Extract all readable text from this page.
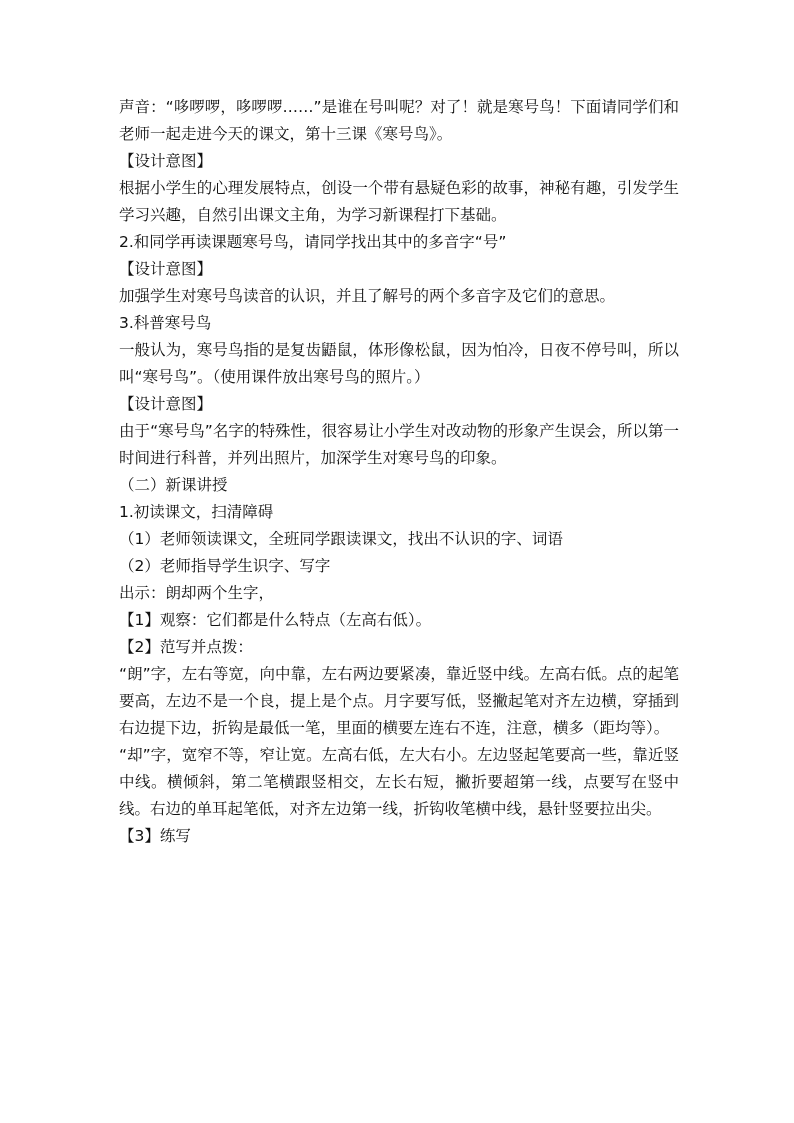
声音：“哆啰啰，哆啰啰……”是谁在号叫呢？对了！就是寒号鸟！下面请同学们和老师一起走进今天的课文，第十三课《寒号鸟》。

【设计意图】

根据小学生的心理发展特点，创设一个带有悬疑色彩的故事，神秘有趣，引发学生学习兴趣，自然引出课文主角，为学习新课程打下基础。

2.和同学再读课题寒号鸟，请同学找出其中的多音字“号”

【设计意图】

加强学生对寒号鸟读音的认识，并且了解号的两个多音字及它们的意思。

3.科普寒号鸟

一般认为，寒号鸟指的是复齿鼯鼠，体形像松鼠，因为怕冷，日夜不停号叫，所以叫“寒号鸟”。（使用课件放出寒号鸟的照片。）

【设计意图】

由于“寒号鸟”名字的特殊性，很容易让小学生对改动物的形象产生误会，所以第一时间进行科普，并列出照片，加深学生对寒号鸟的印象。

（二）新课讲授

1.初读课文，扫清障碍

（1）老师领读课文，全班同学跟读课文，找出不认识的字、词语

（2）老师指导学生识字、写字

出示：朗却两个生字，

【1】观察：它们都是什么特点（左高右低）。

【2】范写并点拨：

“朗”字，左右等宽，向中靠，左右两边要紧凑，靠近竖中线。左高右低。点的起笔要高，左边不是一个良，提上是个点。月字要写低，竖撇起笔对齐左边横，穿插到右边提下边，折钩是最低一笔，里面的横要左连右不连，注意，横多（距均等）。

“却”字，宽窄不等，窄让宽。左高右低，左大右小。左边竖起笔要高一些，靠近竖中线。横倾斜，第二笔横跟竖相交，左长右短，撇折要超第一线，点要写在竖中线。右边的单耳起笔低，对齐左边第一线，折钩收笔横中线，悬针竖要拉出尖。

【3】练写
